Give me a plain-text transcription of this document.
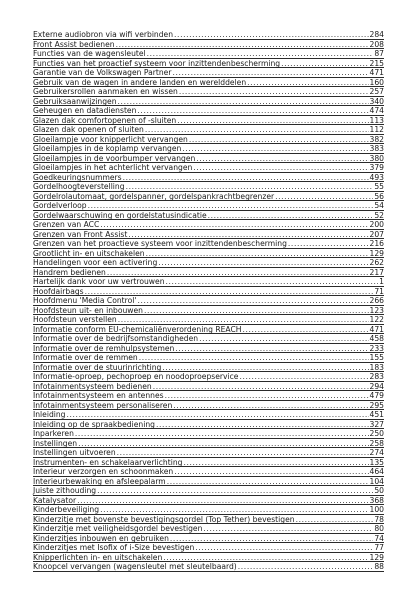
Externe audiobron via wifi verbinden .....	284
Front Assist bedienen .....	208
Functies van de wagensleutel .....	87
Functies van het proactief systeem voor inzittendenbescherming .....	215
Garantie van de Volkswagen Partner .....	471
Gebruik van de wagen in andere landen en werelddelen .....	160
Gebruikersrollen aanmaken en wissen .....	257
Gebruiksaanwijzingen .....	340
Geheugen en datadiensten .....	474
Glazen dak comfortopenen of -sluiten .....	113
Glazen dak openen of sluiten .....	112
Gloeilampje voor knipperlicht vervangen .....	382
Gloeilampjes in de koplamp vervangen .....	383
Gloeilampjes in de voorbumper vervangen .....	380
Gloeilampjes in het achterlicht vervangen .....	379
Goedkeuringsnummers .....	493
Gordelhoogteverstelling .....	55
Gordelrolautomaat, gordelspanner, gordelspankrachtbegrenzer .....	56
Gordelverloop .....	54
Gordelwaarschuwing en gordelstatusindicatie .....	52
Grenzen van ACC .....	200
Grenzen van Front Assist .....	207
Grenzen van het proactieve systeem voor inzittendenbescherming .....	216
Grootlicht in- en uitschakelen .....	129
Handelingen voor een activering .....	262
Handrem bedienen .....	217
Hartelijk dank voor uw vertrouwen .....	1
Hoofdairbags .....	71
Hoofdmenu 'Media Control' .....	266
Hoofdsteun uit- en inbouwen .....	123
Hoofdsteun verstellen .....	122
Informatie conform EU-chemicaliënverordening REACH .....	471
Informatie over de bedrijfsomstandigheden .....	458
Informatie over de remhulpsystemen .....	233
Informatie over de remmen .....	155
Informatie over de stuurinrichting .....	183
Informatie-oproep, pechoproep en noodoproepservice .....	283
Infotainmentsysteem bedienen .....	294
Infotainmentsysteem en antennes .....	479
Infotainmentsysteem personaliseren .....	295
Inleiding .....	451
Inleiding op de spraakbediening .....	327
Inparkeren .....	250
Instellingen .....	258
Instellingen uitvoeren .....	274
Instrumenten- en schakelaarverlichting .....	135
Interieur verzorgen en schoonmaken .....	464
Interieurbewaking en afsleepalarm .....	104
Juiste zithouding .....	50
Katalysator .....	368
Kinderbeveiliging .....	100
Kinderzitje met bovenste bevestigingsgordel (Top Tether) bevestigen .....	78
Kinderzitje met veiligheidsgordel bevestigen .....	80
Kinderzitjes inbouwen en gebruiken .....	74
Kinderzitjes met Isofix of i-Size bevestigen .....	77
Knipperlichten in- en uitschakelen .....	129
Knoopcel vervangen (wagensleutel met sleutelbaard) .....	88
